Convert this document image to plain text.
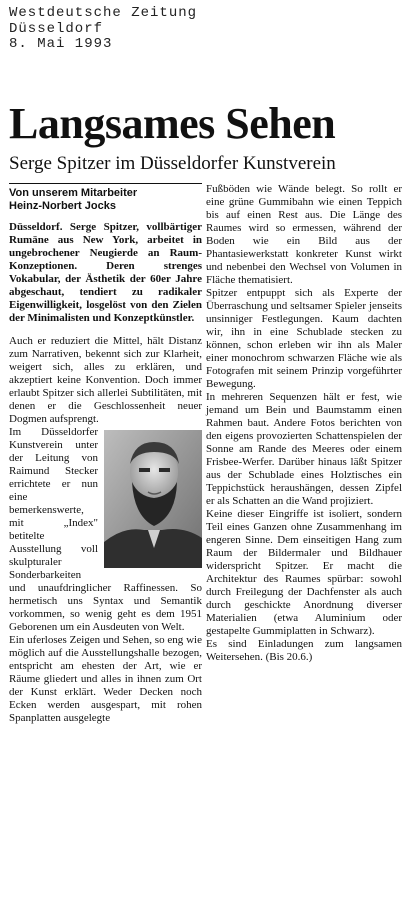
Westdeutsche Zeitung
Düsseldorf
8. Mai 1993
Langsames Sehen
Serge Spitzer im Düsseldorfer Kunstverein
Von unserem Mitarbeiter
Heinz-Norbert Jocks
Düsseldorf. Serge Spitzer, vollbärtiger Rumäne aus New York, arbeitet in ungebrochener Neugierde an Raum-Konzeptionen. Deren strenges Vokabular, der Ästhetik der 60er Jahre abgeschaut, tendiert zu radikaler Eigenwilligkeit, losgelöst von den Zielen der Minimalisten und Konzeptkünstler.

Auch er reduziert die Mittel, hält Distanz zum Narrativen, bekennt sich zur Klarheit, weigert sich, alles zu erklären, und akzeptiert keine Konvention. Doch immer erlaubt Spitzer sich allerlei Subtilitäten, mit denen er die Geschlossenheit neuer Dogmen aufsprengt.

Im Düsseldorfer Kunstverein unter der Leitung von Raimund Stecker errichtete er nun eine bemerkenswerte, mit „Index" betitelte Ausstellung voll skulpturaler Sonderbarkeiten und unaufdringlicher Raffinessen. So hermetisch uns Syntax und Semantik vorkommen, so wenig geht es dem 1951 Geborenen um ein Ausdeuten von Welt.

Ein uferloses Zeigen und Sehen, so eng wie möglich auf die Ausstellungshalle bezogen, entspricht am ehesten der Art, wie er Räume gliedert und alles in ihnen zum Ort der Kunst erklärt. Weder Decken noch Ecken werden ausgespart, mit rohen Spanplatten ausgelegte

Fußböden wie Wände belegt. So rollt er eine grüne Gummibahn wie einen Teppich bis auf einen Rest aus. Die Länge des Raumes wird so ermessen, während der Boden wie ein Bild aus der Phantasiewerkstatt konkreter Kunst wirkt und nebenbei den Wechsel von Volumen in Fläche thematisiert.

Spitzer entpuppt sich als Experte der Überraschung und seltsamer Spieler jenseits unsinniger Festlegungen. Kaum dachten wir, ihn in eine Schublade stecken zu können, schon erleben wir ihn als Maler einer monochrom schwarzen Fläche wie als Fotografen mit seinem Prinzip vorgeführter Bewegung.

In mehreren Sequenzen hält er fest, wie jemand um Bein und Baumstamm einen Rahmen baut. Andere Fotos berichten von den eigens provozierten Schattenspielen der Sonne am Rande des Meeres oder einem Frisbee-Werfer. Darüber hinaus läßt Spitzer aus der Schublade eines Holztisches ein Teppichstück heraushängen, dessen Zipfel er als Schatten an die Wand projiziert.

Keine dieser Eingriffe ist isoliert, sondern Teil eines Ganzen ohne Zusammenhang im engeren Sinne. Dem einseitigen Hang zum Raum der Bildermaler und Bildhauer widerspricht Spitzer. Er macht die Architektur des Raumes spürbar: sowohl durch Freilegung der Dachfenster als auch durch geschickte Anordnung diverser Materialien (etwa Aluminium oder gestapelte Gummiplatten in Schwarz).

Es sind Einladungen zum langsamen Weitersehen. (Bis 20.6.)
